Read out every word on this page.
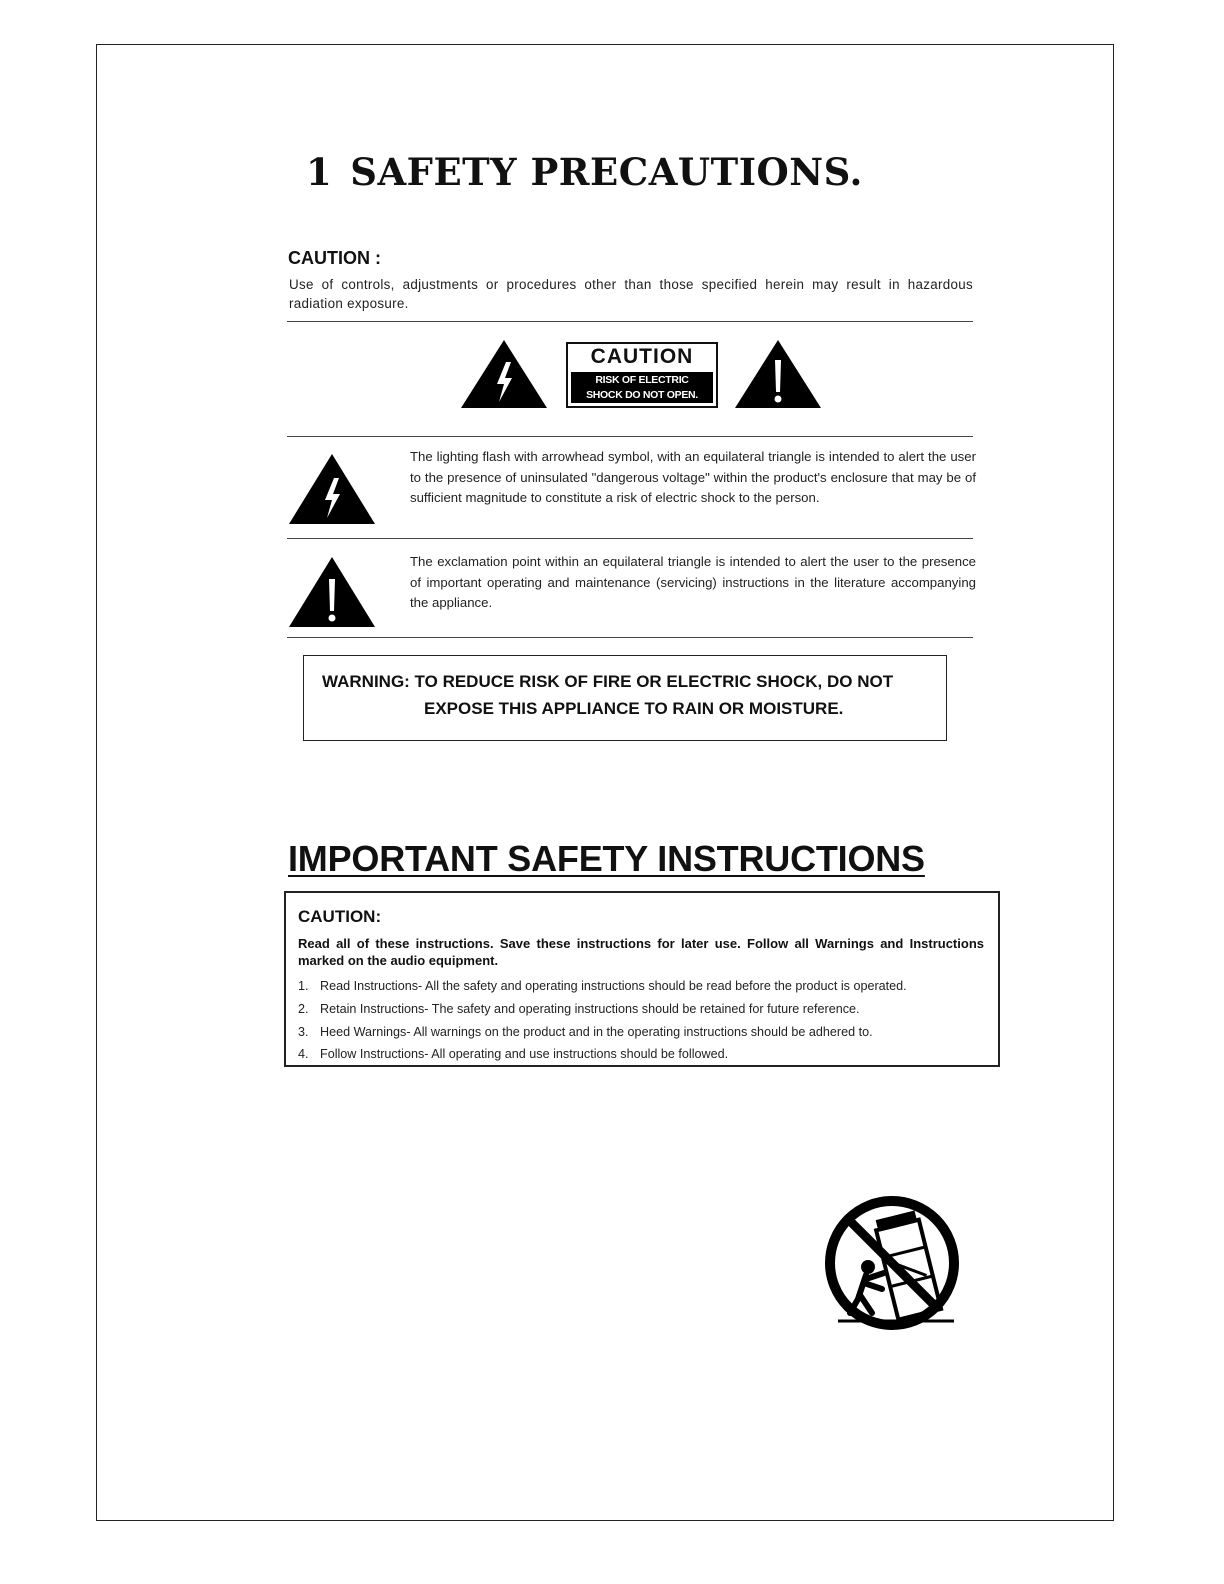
1 SAFETY PRECAUTIONS.
CAUTION :
Use of controls, adjustments or procedures other than those specified herein may result in hazardous radiation exposure.
CAUTION
RISK OF ELECTRIC
SHOCK DO NOT OPEN.
The lighting flash with arrowhead symbol, with an equilateral triangle is intended to alert the user to the presence of uninsulated "dangerous voltage" within the product's enclosure that may be of sufficient magnitude to constitute a risk of electric shock to the person.
The exclamation point within an equilateral triangle is intended to alert the user to the presence of important operating and maintenance (servicing) instructions in the literature accompanying the appliance.
WARNING: TO REDUCE RISK OF FIRE OR ELECTRIC SHOCK, DO NOT
EXPOSE THIS APPLIANCE TO RAIN OR MOISTURE.
IMPORTANT SAFETY INSTRUCTIONS
CAUTION:
Read all of these instructions. Save these instructions for later use. Follow all Warnings and Instructions marked on the audio equipment.
1. Read Instructions- All the safety and operating instructions should be read before the product is operated.
2. Retain Instructions- The safety and operating instructions should be retained for future reference.
3. Heed Warnings- All warnings on the product and in the operating instructions should be adhered to.
4. Follow Instructions- All operating and use instructions should be followed.
